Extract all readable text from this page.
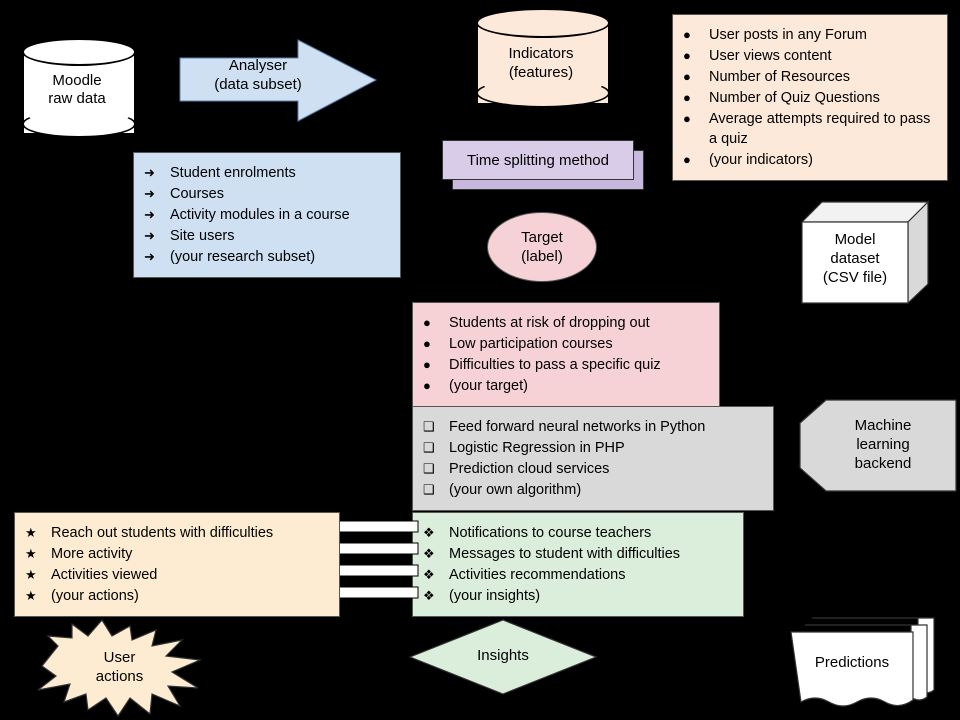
Moodle
raw data
Analyser
(data subset)
Indicators
(features)
●	User posts in any Forum
●	User views content
●	Number of Resources
●	Number of Quiz Questions
●	Average attempts required to pass a quiz
●	(your indicators)
➜	Student enrolments
➜	Courses
➜	Activity modules in a course
➜	Site users
➜	(your research subset)
Time splitting method
Model
dataset
(CSV file)
Target
(label)
●	Students at risk of dropping out
●	Low participation courses
●	Difficulties to pass a specific quiz
●	(your target)
❑ Feed forward neural networks in Python
❑ Logistic Regression in PHP
❑ Prediction cloud services
❑ (your own algorithm)
Machine
learning
backend
❖ Notifications to course teachers
❖ Messages to student with difficulties
❖ Activities recommendations
❖ (your insights)
★ Reach out students with difficulties
★ More activity
★ Activities viewed
★ (your actions)
User
actions
Insights	Predictions
